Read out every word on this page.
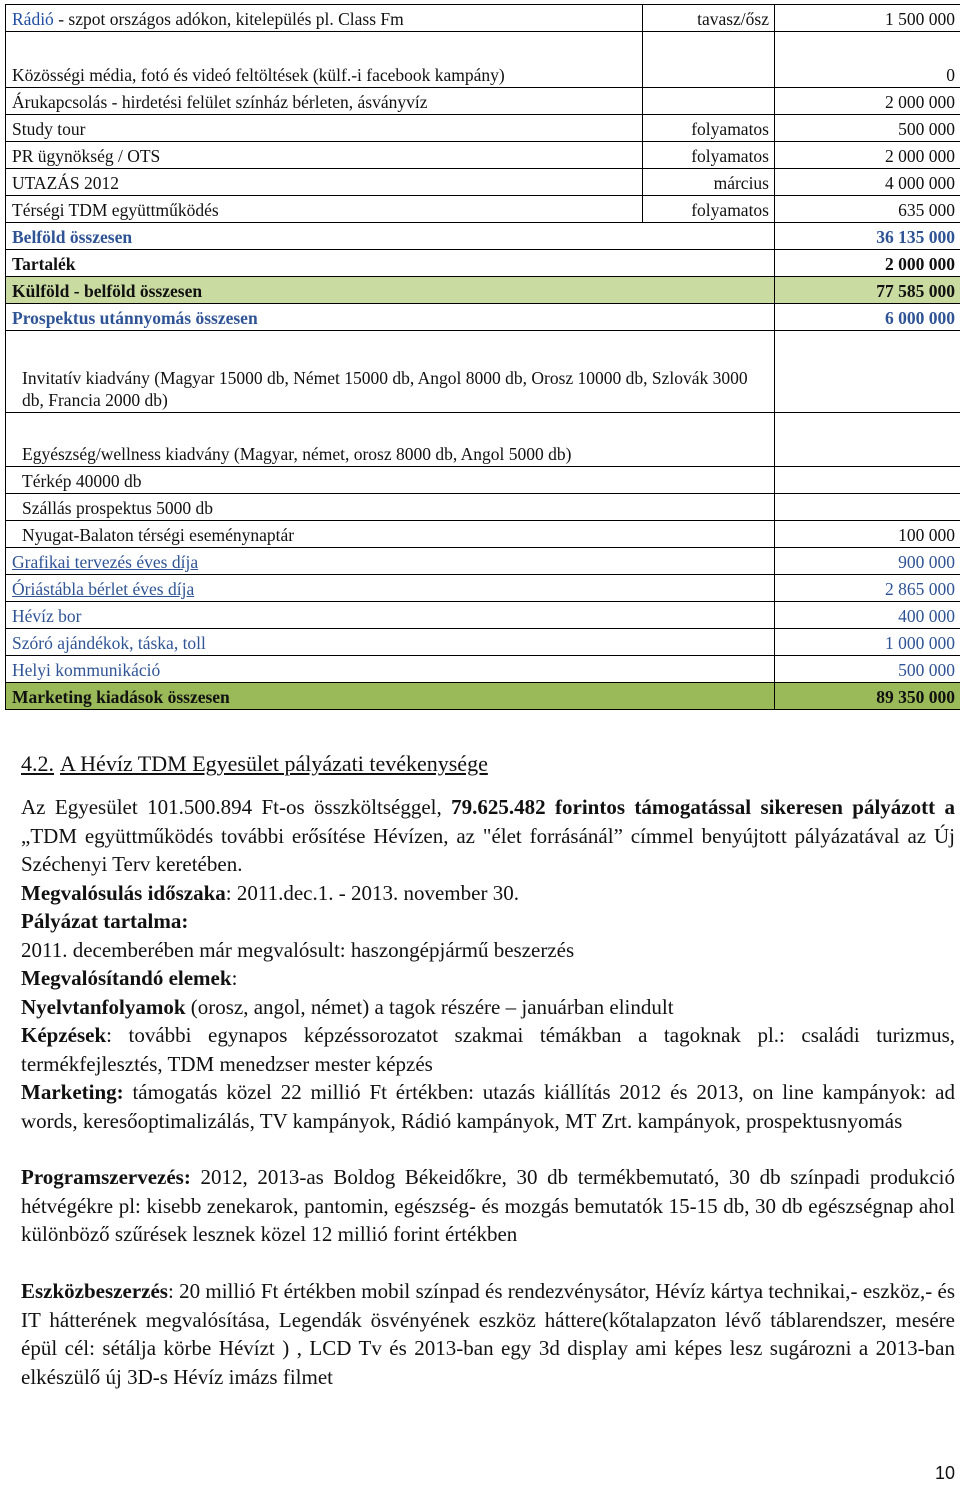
Rádió - szpot országos adókon, kitelepülés pl. Class Fm	tavasz/ősz	1 500 000
Közösségi média, fotó és videó feltöltések (külf.-i facebook kampány)		0
Árukapcsolás - hirdetési felület színház bérleten, ásványvíz		2 000 000
Study tour	folyamatos	500 000
PR ügynökség / OTS	folyamatos	2 000 000
UTAZÁS 2012	március	4 000 000
Térségi TDM együttműködés	folyamatos	635 000
Belföld összesen		36 135 000
Tartalék		2 000 000
Külföld - belföld összesen		77 585 000
Prospektus utánnyomás összesen		6 000 000
Invitatív kiadvány (Magyar 15000 db, Német 15000 db, Angol 8000 db, Orosz 10000 db, Szlovák 3000 db, Francia 2000 db)		
Egyészség/wellness kiadvány (Magyar, német, orosz 8000 db, Angol 5000 db)		
Térkép 40000 db		
Szállás prospektus 5000 db		
Nyugat-Balaton térségi eseménynaptár		100 000
Grafikai tervezés éves díja		900 000
Óriástábla bérlet éves díja		2 865 000
Hévíz bor		400 000
Szóró ajándékok, táska, toll		1 000 000
Helyi kommunikáció		500 000
Marketing kiadások összesen		89 350 000
4.2. A Hévíz TDM Egyesület pályázati tevékenysége
Az Egyesület 101.500.894 Ft-os összköltséggel, 79.625.482 forintos támogatással sikeresen pályázott a „TDM együttműködés további erősítése Hévízen, az "élet forrásánál” címmel benyújtott pályázatával az Új Széchenyi Terv keretében.
Megvalósulás időszaka: 2011.dec.1. - 2013. november 30.
Pályázat tartalma:
2011. decemberében már megvalósult: haszongépjármű beszerzés
Megvalósítandó elemek:
Nyelvtanfolyamok (orosz, angol, német) a tagok részére – januárban elindult
Képzések: további egynapos képzéssorozatot szakmai témákban a tagoknak pl.: családi turizmus, termékfejlesztés, TDM menedzser mester képzés
Marketing: támogatás közel 22 millió Ft értékben: utazás kiállítás 2012 és 2013, on line kampányok: ad words, keresőoptimalizálás, TV kampányok, Rádió kampányok, MT Zrt. kampányok, prospektusnyomás
Programszervezés: 2012, 2013-as Boldog Békeidőkre, 30 db termékbemutató, 30 db színpadi produkció hétvégékre pl: kisebb zenekarok, pantomin, egészség- és mozgás bemutatók 15-15 db, 30 db egészségnap ahol különböző szűrések lesznek közel 12 millió forint értékben
Eszközbeszerzés: 20 millió Ft értékben mobil színpad és rendezvénysátor, Hévíz kártya technikai,- eszköz,- és IT hátterének megvalósítása, Legendák ösvényének eszköz háttere(kőtalapzaton lévő táblarendszer, mesére épül cél: sétálja körbe Hévízt ) , LCD Tv és 2013-ban egy 3d display ami képes lesz sugározni a 2013-ban elkészülő új 3D-s Hévíz imázs filmet
10
